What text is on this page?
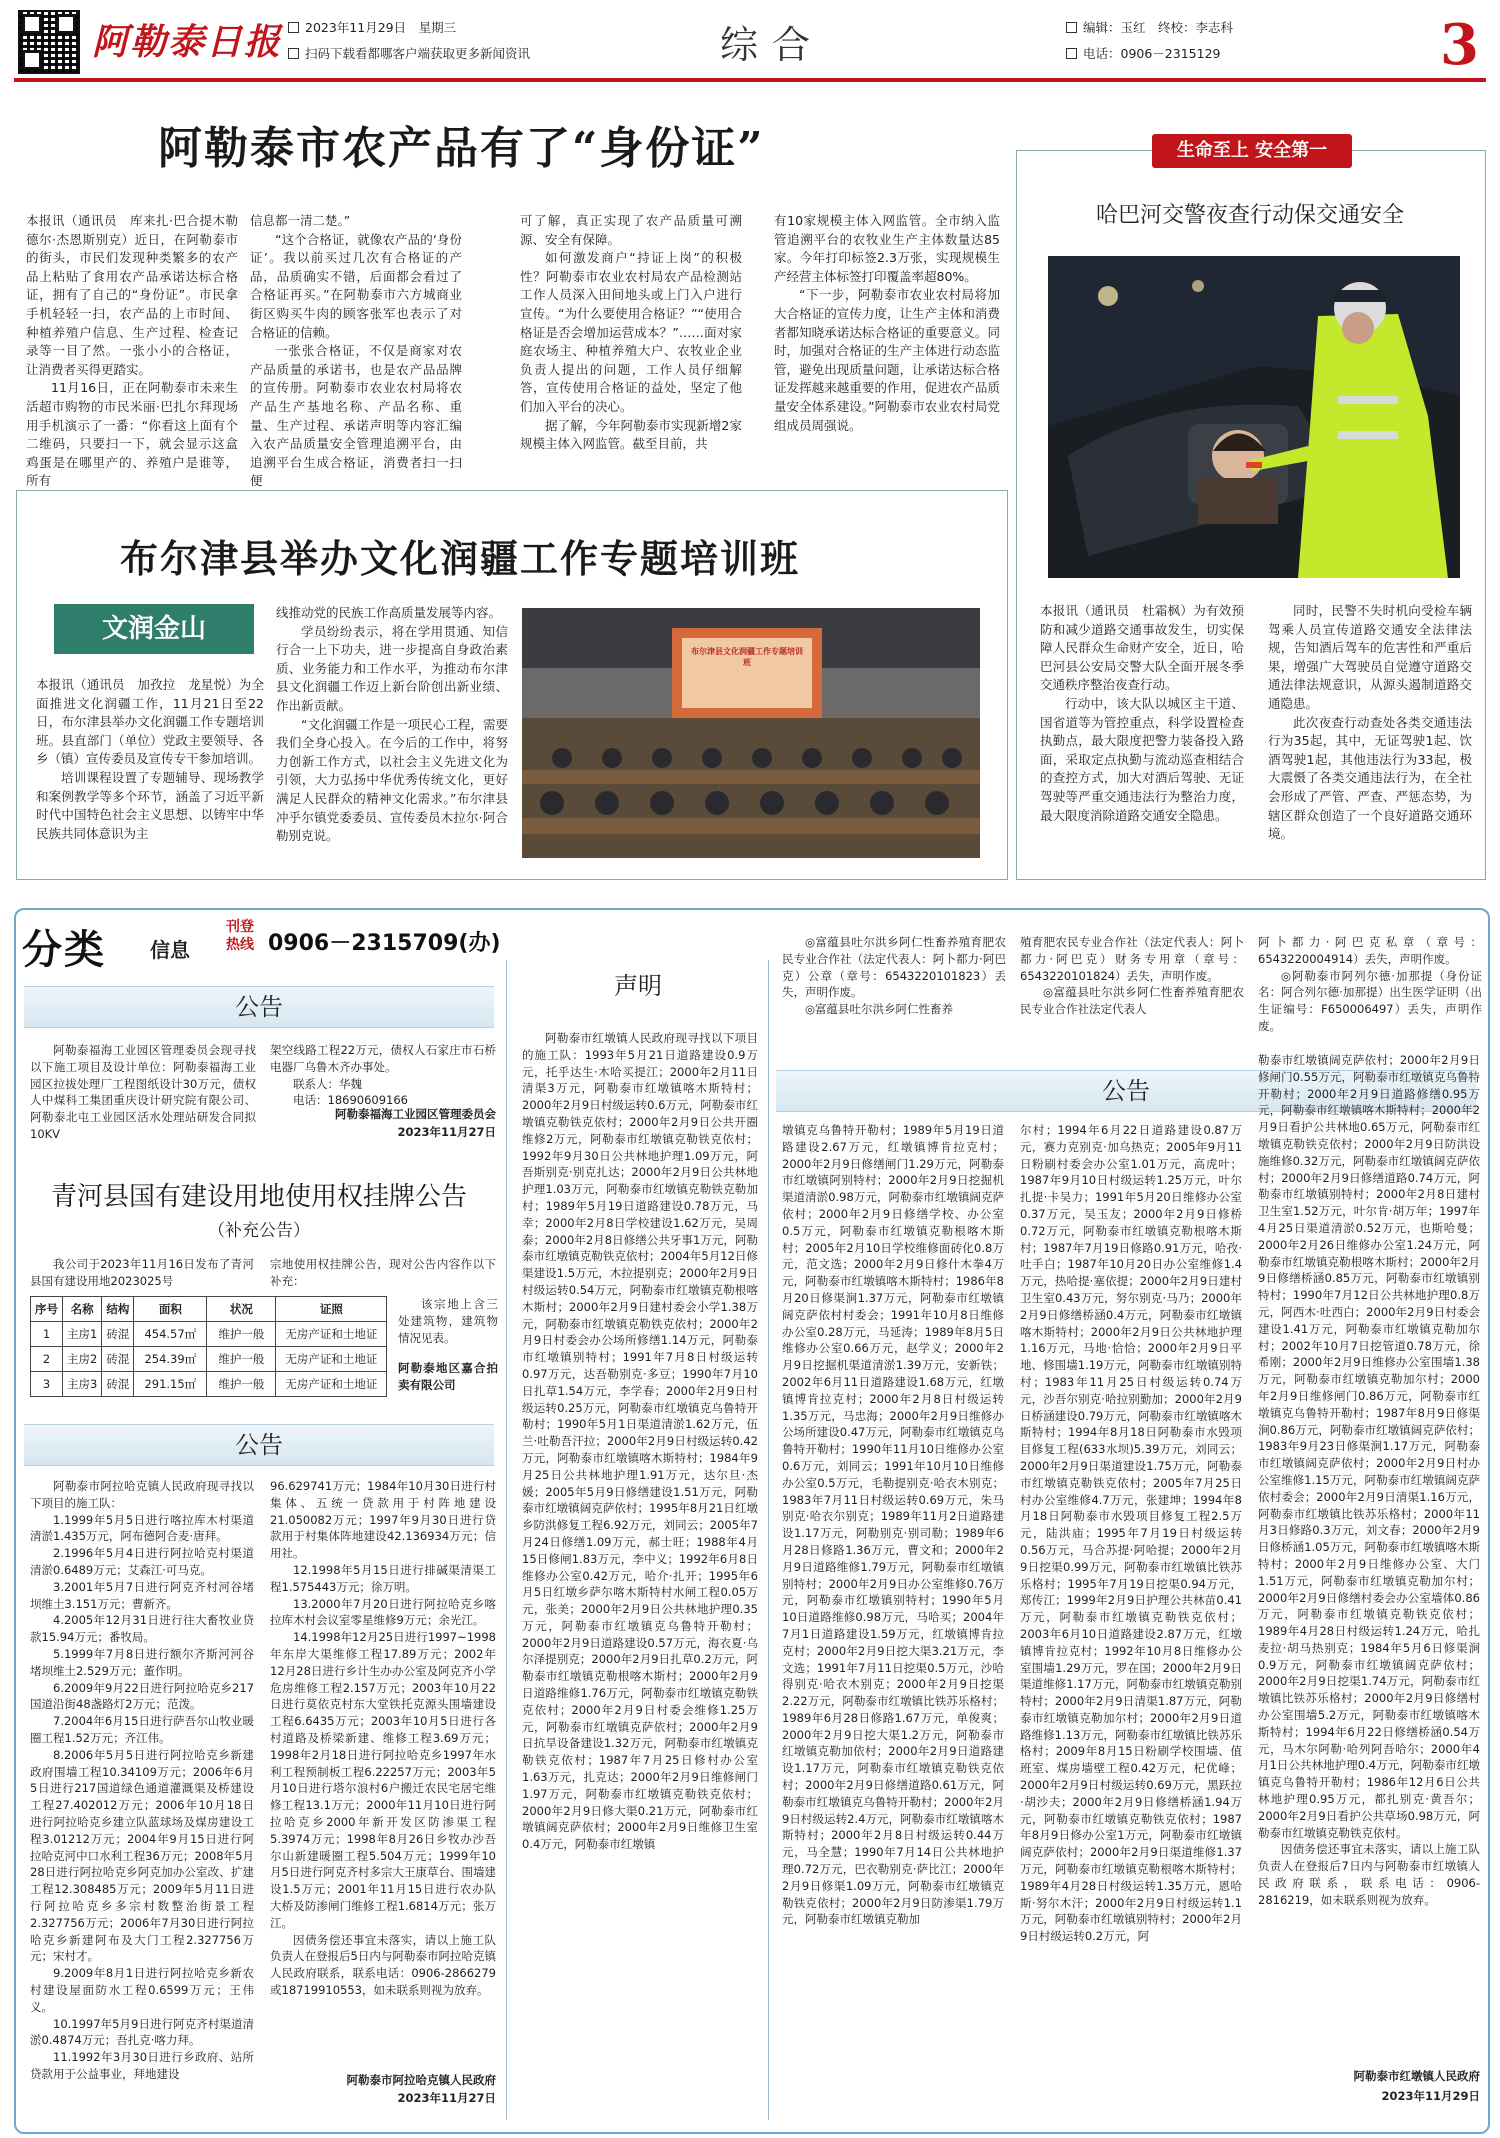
阿勒泰日报	2023年11月29日　星期三
扫码下载看都哪客户端获取更多新闻资讯	综合	编辑：玉红　终校：李志科
电话：0906－2315129	3
阿勒泰市农产品有了“身份证”

本报讯（通讯员　库来扎·巴合提木勒德尔·杰恩斯别克）近日，在阿勒泰市的街头，市民们发现种类繁多的农产品上粘贴了食用农产品承诺达标合格证，拥有了自己的“身份证”。市民拿手机轻轻一扫，农产品的上市时间、种植养殖户信息、生产过程、检查记录等一目了然。一张小小的合格证，让消费者买得更踏实。

11月16日，正在阿勒泰市未来生活超市购物的市民米丽·巴扎尔拜现场用手机演示了一番：“你看这上面有个二维码，只要扫一下，就会显示这盒鸡蛋是在哪里产的、养殖户是谁等，所有

信息都一清二楚。”

“这个合格证，就像农产品的‘身份证’。我以前买过几次有合格证的产品，品质确实不错，后面都会看过了合格证再买。”在阿勒泰市六方城商业街区购买牛肉的顾客张军也表示了对合格证的信赖。

一张张合格证，不仅是商家对农产品质量的承诺书，也是农产品品牌的宣传册。阿勒泰市农业农村局将农产品生产基地名称、产品名称、重量、生产过程、承诺声明等内容汇编入农产品质量安全管理追溯平台，由追溯平台生成合格证，消费者扫一扫便

可了解，真正实现了农产品质量可溯源、安全有保障。

如何激发商户“持证上岗”的积极性？阿勒泰市农业农村局农产品检测站工作人员深入田间地头或上门入户进行宣传。“为什么要使用合格证？”“使用合格证是否会增加运营成本？”……面对家庭农场主、种植养殖大户、农牧业企业负责人提出的问题，工作人员仔细解答，宣传使用合格证的益处，坚定了他们加入平台的决心。

据了解，今年阿勒泰市实现新增2家规模主体入网监管。截至目前，共

有10家规模主体入网监管。全市纳入监管追溯平台的农牧业生产主体数量达85家。今年打印标签2.3万张，实现规模生产经营主体标签打印覆盖率超80%。

“下一步，阿勒泰市农业农村局将加大合格证的宣传力度，让生产主体和消费者都知晓承诺达标合格证的重要意义。同时，加强对合格证的生产主体进行动态监管，避免出现质量问题，让承诺达标合格证发挥越来越重要的作用，促进农产品质量安全体系建设。”阿勒泰市农业农村局党组成员周强说。

生命至上 安全第一
哈巴河交警夜查行动保交通安全

本报讯（通讯员　杜霜枫）为有效预防和减少道路交通事故发生，切实保障人民群众生命财产安全，近日，哈巴河县公安局交警大队全面开展冬季交通秩序整治夜查行动。

行动中，该大队以城区主干道、国省道等为管控重点，科学设置检查执勤点，最大限度把警力装备投入路面，采取定点执勤与流动巡查相结合的查控方式，加大对酒后驾驶、无证驾驶等严重交通违法行为整治力度，最大限度消除道路交通安全隐患。

同时，民警不失时机向受检车辆驾乘人员宣传道路交通安全法律法规，告知酒后驾车的危害性和严重后果，增强广大驾驶员自觉遵守道路交通法律法规意识，从源头遏制道路交通隐患。

此次夜查行动查处各类交通违法行为35起，其中，无证驾驶1起、饮酒驾驶1起，其他违法行为33起，极大震慑了各类交通违法行为，在全社会形成了严管、严查、严惩态势，为辖区群众创造了一个良好道路交通环境。

布尔津县举办文化润疆工作专题培训班
文润金山

本报讯（通讯员　加孜拉　龙星悦）为全面推进文化润疆工作，11月21日至22日，布尔津县举办文化润疆工作专题培训班。县直部门（单位）党政主要领导、各乡（镇）宣传委员及宣传专干参加培训。

培训课程设置了专题辅导、现场教学和案例教学等多个环节，涵盖了习近平新时代中国特色社会主义思想、以铸牢中华民族共同体意识为主

线推动党的民族工作高质量发展等内容。

学员纷纷表示，将在学用贯通、知信行合一上下功夫，进一步提高自身政治素质、业务能力和工作水平，为推动布尔津县文化润疆工作迈上新台阶创出新业绩、作出新贡献。

“文化润疆工作是一项民心工程，需要我们全身心投入。在今后的工作中，将努力创新工作方式，以社会主义先进文化为引领，大力弘扬中华优秀传统文化，更好满足人民群众的精神文化需求。”布尔津县冲乎尔镇党委委员、宣传委员木拉尔·阿合勒别克说。

布尔津县文化润疆工作专题培训班
分类 信息
刊登
热线 0906－2315709(办)
公告

阿勒泰福海工业园区管理委员会现寻找以下施工项目及设计单位：阿勒泰福海工业园区拉拔处理厂工程图纸设计30万元，债权人中煤科工集团重庆设计研究院有限公司、阿勒泰北屯工业园区活水处理站研发合同拟10KV

架空线路工程22万元，债权人石家庄市石桥电器厂乌鲁木齐办事处。

联系人：华魏

电话：18690609166

阿勒泰福海工业园区管理委员会
2023年11月27日
青河县国有建设用地使用权挂牌公告
（补充公告）

我公司于2023年11月16日发布了青河县国有建设用地2023025号

宗地使用权挂牌公告，现对公告内容作以下补充：

序号	名称	结构	面积	状况	证照
1	主房1	砖混	454.57㎡	维护一般	无房产证和土地证
2	主房2	砖混	254.39㎡	维护一般	无房产证和土地证
3	主房3	砖混	291.15㎡	维护一般	无房产证和土地证

该宗地上含三处建筑物，建筑物情况见表。

阿勒泰地区嘉合拍卖有限公司
公告

阿勒泰市阿拉哈克镇人民政府现寻找以下项目的施工队：

1.1999年5月5日进行喀拉库木村渠道清淤1.435万元，阿布德阿合麦·唐拜。

2.1996年5月4日进行阿拉哈克村渠道清淤0.6489万元；艾森江·可马克。

3.2001年5月7日进行阿克齐村河谷堵坝维土3.151万元；曹新齐。

4.2005年12月31日进行往大畜牧业贷款15.94万元；番牧局。

5.1999年7月8日进行额尔齐斯河河谷堵坝维土2.529万元；董作明。

6.2009年9月22日进行阿拉哈克乡217国道沿街48盏路灯2万元；范泼。

7.2004年6月15日进行萨吾尔山牧业暖圈工程1.52万元；齐江伟。

8.2006年5月5日进行阿拉哈克乡新建政府围墙工程10.34109万元；2006年6月5日进行217国道绿色通道灌溉渠及桥建设工程27.402012万元；2006年10月18日进行阿拉哈克乡建立队蓝球场及煤房建设工程3.01212万元；2004年9月15日进行阿拉哈克河中口水利工程36万元；2008年5月28日进行阿拉哈克乡阿克加办公室改、扩建工程12.308485万元；2009年5月11日进行阿拉哈克乡多宗村数整治街景工程2.327756万元；2006年7月30日进行阿拉哈克乡新建阿布及大门工程2.327756万元；宋村才。

9.2009年8月1日进行阿拉哈克乡新农村建设屋面防水工程0.6599万元；王伟义。

10.1997年5月9日进行阿克齐村渠道清淤0.4874万元；吾扎克·喀力拜。

11.1992年3月30日进行乡政府、站所贷款用于公益事业，拜地建设

96.629741万元；1984年10月30日进行村集体、五统一贷款用于村阵地建设21.050082万元；1997年9月30日进行贷款用于村集体阵地建设42.136934万元；信用社。

12.1998年5月15日进行排碱渠清渠工程1.575443万元；徐万明。

13.2000年7月20日进行阿拉哈克乡喀拉库木村会议室零星维修9万元；余光江。

14.1998年12月25日进行1997~1998年东岸大渠维修工程17.89万元；2002年12月28日进行乡计生办办公室及阿克齐小学危房维修工程2.157万元；2003年10月22日进行莫依克村东大堂铁托克源头围墙建设工程6.6435万元；2003年10月5日进行各村道路及桥梁新建、维修工程3.69万元；1998年2月18日进行阿拉哈克乡1997年水利工程预制板工程6.22257万元；2003年5月10日进行塔尔浪村6户搬迁农民宅居宅维修工程13.1万元；2000年11月10日进行阿拉哈克乡2000年新开发区防渗渠工程5.3974万元；1998年8月26日乡牧办沙吾尔山新建暖圈工程5.504万元；1999年10月5日进行阿克齐村多宗大王康草台、围墙建设1.5万元；2001年11月15日进行农办队大桥及防渗闸门维修工程1.6814万元；张万江。

因债务偿还事宜未落实，请以上施工队负责人在登报后5日内与阿勒泰市阿拉哈克镇人民政府联系，联系电话：0906-2866279或18719910553，如未联系则视为放弃。

阿勒泰市阿拉哈克镇人民政府
2023年11月27日
声明

阿勒泰市红墩镇人民政府现寻找以下项目的施工队：1993年5月21日道路建设0.9万元，托乎达生·木哈买提江；2000年2月11日清渠3万元，阿勒泰市红墩镇喀木斯特村；2000年2月9日村级运转0.6万元，阿勒泰市红墩镇克勒铁克依村；2000年2月9日公共开圈维修2万元，阿勒泰市红墩镇克勒铁克依村；1992年9月30日公共林地护理1.09万元，阿吾斯别克·别克扎达；2000年2月9日公共林地护理1.03万元，阿勒泰市红墩镇克勒铁克勒加村；1989年5月19日道路建设0.78万元，马幸；2000年2月8日学校建设1.62万元，吴周泰；2000年2月8日修缮公共牙事1万元，阿勒泰市红墩镇克勒铁克依村；2004年5月12日修渠建设1.5万元，木拉提别克；2000年2月9日村级运转0.54万元，阿勒泰市红墩镇克勒根喀木斯村；2000年2月9日建村委会小学1.38万元，阿勒泰市红墩镇克勒铁克依村；2000年2月9日村委会办公场所修缮1.14万元，阿勒泰市红墩镇别特村；1991年7月8日村级运转0.97万元，达吾勒别克·多豆；1990年7月10日扎草1.54万元，李学春；2000年2月9日村级运转0.25万元，阿勒泰市红墩镇克乌鲁特开勒村；1990年5月1日渠道清淤1.62万元，伍兰·吐勒吾汗拉；2000年2月9日村级运转0.42万元，阿勒泰市红墩镇喀木斯特村；1984年9月25日公共林地护理1.91万元，达尔旦·杰媛；2005年5月9日修缮建设1.51万元，阿勒泰市红墩镇阔克萨依村；1995年8月21日红墩乡防洪修复工程6.92万元，刘同云；2005年7月24日修缮1.09万元，郝士旺；1988年4月15日修闸1.83万元，李中义；1992年6月8日维修办公室0.42万元，哈介·扎开；1995年6月5日红墩乡萨尔喀木斯特村水闸工程0.05万元，张美；2000年2月9日公共林地护理0.35万元，阿勒泰市红墩镇克乌鲁特开勒村；2000年2月9日道路建设0.57万元，海衣夏·乌尔泽提别克；2000年2月9日扎草0.2万元，阿勒泰市红墩镇克勒根喀木斯村；2000年2月9日道路维修1.76万元，阿勒泰市红墩镇克勒铁克依村；2000年2月9日村委会维修1.25万元，阿勒泰市红墩镇克萨依村；2000年2月9日抗旱设备建设1.32万元，阿勒泰市红墩镇克勒铁克依村；1987年7月25日修村办公室1.63万元，扎克达；2000年2月9日维修闸门1.97万元，阿勒泰市红墩镇克勒铁克依村；2000年2月9日修大渠0.21万元，阿勒泰市红墩镇阔克萨依村；2000年2月9日维修卫生室0.4万元，阿勒泰市红墩镇

◎富蕴县吐尔洪乡阿仁性畜养殖育肥农民专业合作社（法定代表人：阿卜都力·阿巴克）公章（章号：6543220101823）丢失，声明作废。

◎富蕴县吐尔洪乡阿仁性畜养

殖育肥农民专业合作社（法定代表人：阿卜都力·阿巴克）财务专用章（章号：6543220101824）丢失，声明作废。

◎富蕴县吐尔洪乡阿仁性畜养殖育肥农民专业合作社法定代表人

阿卜都力·阿巴克私章（章号：6543220004914）丢失，声明作废。

◎阿勒泰市阿列尔德·加那提（身份证名：阿合列尔德·加那提）出生医学证明（出生证编号：F650006497）丢失，声明作废。

公告

墩镇克乌鲁特开勒村；1989年5月19日道路建设2.67万元，红墩镇博肯拉克村；2000年2月9日修缮闸门1.29万元，阿勒泰市红墩镇阿别特村；2000年2月9日挖掘机渠道清淤0.98万元，阿勒泰市红墩镇阔克萨依村；2000年2月9日修缮学校、办公室0.5万元，阿勒泰市红墩镇克勒根喀木斯村；2005年2月10日学校维修面砖化0.8万元，范文选；2000年2月9日修什木拳4万元，阿勒泰市红墩镇喀木斯特村；1986年8月20日修渠涧1.37万元，阿勒泰市红墩镇阔克萨依村村委会；1991年10月8日维修办公室0.28万元，马延涛；1989年8月5日维修办公室0.66万元，赵学义；2000年2月9日挖掘机渠道清淤1.39万元，安新铁；2002年6月11日道路建设1.68万元，红墩镇博肯拉克村；2000年2月8日村级运转1.35万元，马忠海；2000年2月9日维修办公场所建设0.47万元，阿勒泰市红墩镇克乌鲁特开勒村；1990年11月10日维修办公室0.6万元，刘同云；1991年10月10日维修办公室0.5万元，毛勒提别克·哈衣木别克；1983年7月11日村级运转0.69万元，朱马别克·哈衣尔别克；1989年11月2日道路建设1.17万元，阿勒别克·别司勒；1989年6月28日修路1.36万元，曹文和；2000年2月9日道路维修1.79万元，阿勒泰市红墩镇别特村；2000年2月9日办公室维修0.76万元，阿勒泰市红墩镇别特村；1990年5月10日道路维修0.98万元，马哈买；2004年7月1日道路建设1.59万元，红墩镇博肯拉克村；2000年2月9日挖大渠3.21万元，李文选；1991年7月11日挖渠0.5万元，沙哈得别克·哈衣木别克；2000年2月9日挖渠2.22万元，阿勒泰市红墩镇比铁苏乐格村；1989年6月28日修路1.67万元，单俊爽；2000年2月9日挖大渠1.2万元，阿勒泰市红墩镇克勒加依村；2000年2月9日道路建设1.17万元，阿勒泰市红墩镇克勒铁克依村；2000年2月9日修缮道路0.61万元，阿勒泰市红墩镇克乌鲁特开勒村；2000年2月9日村级运转2.4万元，阿勒泰市红墩镇喀木斯特村；2000年2月8日村级运转0.44万元，马全慧；1990年7月14日公共林地护理0.72万元，巴衣勒别克·萨比江；2000年2月9日修渠1.09万元，阿勒泰市红墩镇克勒铁克依村；2000年2月9日防渗渠1.79万元，阿勒泰市红墩镇克勒加

尔村；1994年6月22日道路建设0.87万元，赛力克别克·加乌热克；2005年9月11日粉刷村委会办公室1.01万元，高虎叶；1987年9月10日村级运转1.25万元，叶尔扎提·卡吴力；1991年5月20日维修办公室0.37万元，吴玉友；2000年2月9日修桥0.72万元，阿勒泰市红墩镇克勒根喀木斯村；1987年7月19日修路0.91万元，哈孜·吐手白；1987年10月20日办公室维修1.4万元，热哈提·塞依提；2000年2月9日建村卫生室0.43万元，努尔别克·马乃；2000年2月9日修缮桥涵0.4万元，阿勒泰市红墩镇喀木斯特村；2000年2月9日公共林地护理1.16万元，马地·恰恰；2000年2月9日平地、修围墙1.19万元，阿勒泰市红墩镇别特村；1983年11月25日村级运转0.74万元，沙吾尔别克·哈拉别勤加；2000年2月9日桥涵建设0.79万元，阿勒泰市红墩镇喀木斯特村；1994年8月18日阿勒泰市水毁项目修复工程(633水坝)5.39万元，刘同云；2000年2月9日渠道建设1.75万元，阿勒泰市红墩镇克勒铁克依村；2005年7月25日村办公室维修4.7万元，张建坤；1994年8月18日阿勒泰市水毁项目修复工程2.5万元，陆洪庙；1995年7月19日村级运转0.56万元，马合苏提·阿哈提；2000年2月9日挖渠0.99万元，阿勒泰市红墩镇比铁苏乐格村；1995年7月19日挖渠0.94万元，郑传江；1999年2月9日护理公共林苗0.41万元，阿勒泰市红墩镇克勒铁克依村；2003年6月10日道路建设2.87万元，红墩镇博肯拉克村；1992年10月8日维修办公室围墙1.29万元，罗在国；2000年2月9日渠道维修1.17万元，阿勒泰市红墩镇克勒别特村；2000年2月9日清渠1.87万元，阿勒泰市红墩镇克勒加尔村；2000年2月9日道路维修1.13万元，阿勒泰市红墩镇比铁苏乐格村；2009年8月15日粉刷学校围墙、值班室、煤房墙壁工程0.42万元，杞优峰；2000年2月9日村级运转0.69万元，黑跃拉·胡沙夫；2000年2月9日修缮桥涵1.94万元，阿勒泰市红墩镇克勒铁克依村；1987年8月9日修办公室1万元，阿勒泰市红墩镇阔克萨依村；2000年2月9日渠道维修1.37万元，阿勒泰市红墩镇克勒根喀木斯特村；1989年4月28日村级运转1.35万元，恩哈斯·努尔木汗；2000年2月9日村级运转1.1万元，阿勒泰市红墩镇别特村；2000年2月9日村级运转0.2万元，阿

勒泰市红墩镇阔克萨依村；2000年2月9日修闸门0.55万元，阿勒泰市红墩镇克乌鲁特开勒村；2000年2月9日道路修缮0.95万元，阿勒泰市红墩镇喀木斯特村；2000年2月9日看护公共林地0.65万元，阿勒泰市红墩镇克勒铁克依村；2000年2月9日防洪设施维修0.32万元，阿勒泰市红墩镇阔克萨依村；2000年2月9日修缮道路0.74万元，阿勒泰市红墩镇别特村；2000年2月8日建村卫生室1.52万元，叶尔肯·胡万年；1997年4月25日渠道清淤0.52万元，也斯哈曼；2000年2月26日维修办公室1.24万元，阿勒泰市红墩镇克勒根喀木斯村；2000年2月9日修缮桥涵0.85万元，阿勒泰市红墩镇别特村；1990年7月12日公共林地护理0.8万元，阿西木·吐西白；2000年2月9日村委会建设1.41万元，阿勒泰市红墩镇克勒加尔村；2002年10月7日挖管道0.78万元，徐希刚；2000年2月9日维修办公室围墙1.38万元，阿勒泰市红墩镇克勒加尔村；2000年2月9日维修闸门0.86万元，阿勒泰市红墩镇克乌鲁特开勒村；1987年8月9日修渠涧0.86万元，阿勒泰市红墩镇阔克萨依村；1983年9月23日修渠涧1.17万元，阿勒泰市红墩镇阔克萨依村；2000年2月9日村办公室维修1.15万元，阿勒泰市红墩镇阔克萨依村委会；2000年2月9日清渠1.16万元，阿勒泰市红墩镇比铁苏乐格村；2000年11月3日修路0.3万元，刘文春；2000年2月9日修桥涵1.05万元，阿勒泰市红墩镇喀木斯特村；2000年2月9日维修办公室、大门1.51万元，阿勒泰市红墩镇克勒加尔村；2000年2月9日修缮村委会办公室墙体0.86万元，阿勒泰市红墩镇克勒铁克依村；1989年4月28日村级运转1.24万元，哈扎麦拉·胡马热别克；1984年5月6日修渠涧0.9万元，阿勒泰市红墩镇阔克萨依村；2000年2月9日挖渠1.74万元，阿勒泰市红墩镇比铁苏乐格村；2000年2月9日修缮村办公室围墙5.2万元，阿勒泰市红墩镇喀木斯特村；1994年6月22日修缮桥涵0.54万元，马木尔阿勒·哈列阿吾哈尔；2000年4月1日公共林地护理0.4万元，阿勒泰市红墩镇克乌鲁特开勒村；1986年12月6日公共林地护理0.95万元，都扎别克·黄吾尔；2000年2月9日看护公共草场0.98万元，阿勒泰市红墩镇克勒铁克依村。

因债务偿还事宜未落实，请以上施工队负责人在登报后7日内与阿勒泰市红墩镇人民政府联系，联系电话：0906-2816219，如未联系则视为放弃。

阿勒泰市红墩镇人民政府
2023年11月29日
